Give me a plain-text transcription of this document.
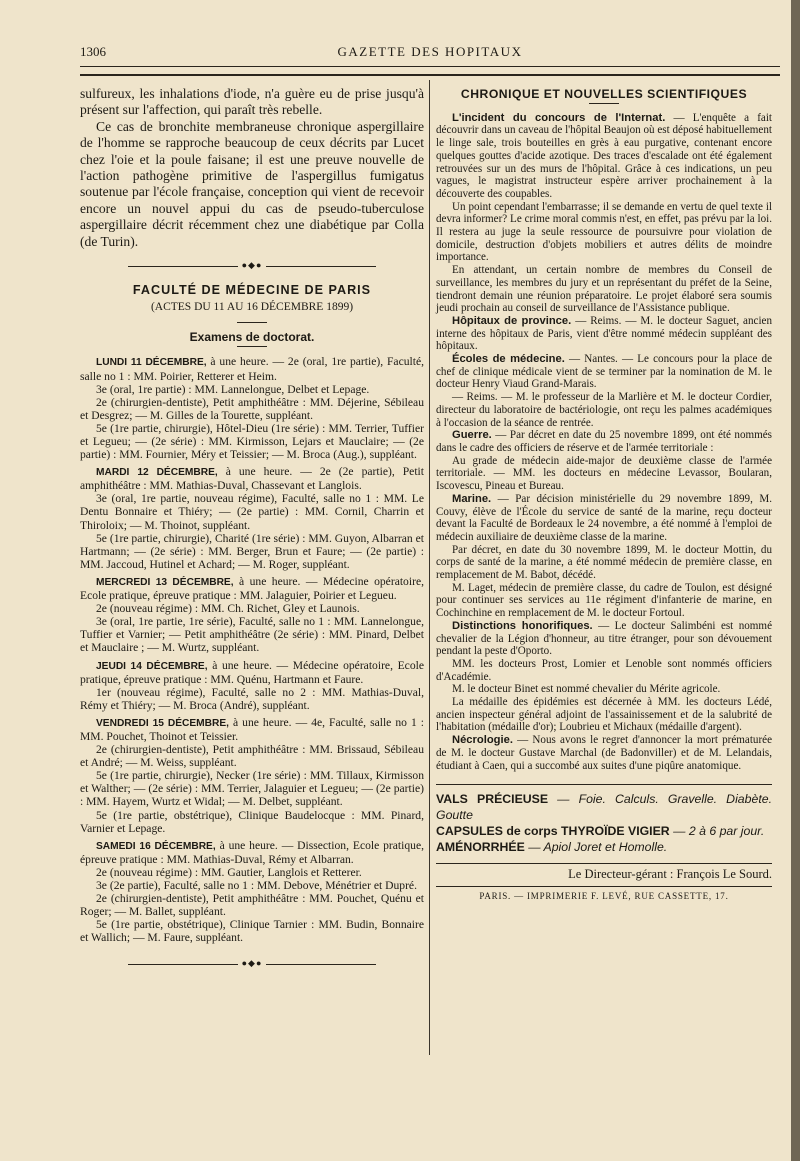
1306	GAZETTE DES HOPITAUX

sulfureux, les inhalations d'iode, n'a guère eu de prise jusqu'à présent sur l'affection, qui paraît très rebelle.

Ce cas de bronchite membraneuse chronique aspergillaire de l'homme se rapproche beaucoup de ceux décrits par Lucet chez l'oie et la poule faisane; il est une preuve nouvelle de l'action pathogène primitive de l'aspergillus fumigatus soutenue par l'école française, conception qui vient de recevoir encore un nouvel appui du cas de pseudo-tuberculose aspergillaire décrit récemment chez une diabétique par Colla (de Turin).

●◆●
FACULTÉ DE MÉDECINE DE PARIS
(ACTES DU 11 AU 16 DÉCEMBRE 1899)
Examens de doctorat.

LUNDI 11 DÉCEMBRE, à une heure. — 2e (oral, 1re partie), Faculté, salle no 1 : MM. Poirier, Retterer et Heim.

3e (oral, 1re partie) : MM. Lannelongue, Delbet et Lepage.

2e (chirurgien-dentiste), Petit amphithéâtre : MM. Déjerine, Sébileau et Desgrez; — M. Gilles de la Tourette, suppléant.

5e (1re partie, chirurgie), Hôtel-Dieu (1re série) : MM. Terrier, Tuffier et Legueu; — (2e série) : MM. Kirmisson, Lejars et Mauclaire; — (2e partie) : MM. Fournier, Méry et Teissier; — M. Broca (Aug.), suppléant.

MARDI 12 DÉCEMBRE, à une heure. — 2e (2e partie), Petit amphithéâtre : MM. Mathias-Duval, Chassevant et Langlois.

3e (oral, 1re partie, nouveau régime), Faculté, salle no 1 : MM. Le Dentu Bonnaire et Thiéry; — (2e partie) : MM. Cornil, Charrin et Thiroloix; — M. Thoinot, suppléant.

5e (1re partie, chirurgie), Charité (1re série) : MM. Guyon, Albarran et Hartmann; — (2e série) : MM. Berger, Brun et Faure; — (2e partie) : MM. Jaccoud, Hutinel et Achard; — M. Roger, suppléant.

MERCREDI 13 DÉCEMBRE, à une heure. — Médecine opératoire, Ecole pratique, épreuve pratique : MM. Jalaguier, Poirier et Legueu.

2e (nouveau régime) : MM. Ch. Richet, Gley et Launois.

3e (oral, 1re partie, 1re série), Faculté, salle no 1 : MM. Lannelongue, Tuffier et Varnier; — Petit amphithéâtre (2e série) : MM. Pinard, Delbet et Mauclaire ; — M. Wurtz, suppléant.

JEUDI 14 DÉCEMBRE, à une heure. — Médecine opératoire, Ecole pratique, épreuve pratique : MM. Quénu, Hartmann et Faure.

1er (nouveau régime), Faculté, salle no 2 : MM. Mathias-Duval, Rémy et Thiéry; — M. Broca (André), suppléant.

VENDREDI 15 DÉCEMBRE, à une heure. — 4e, Faculté, salle no 1 : MM. Pouchet, Thoinot et Teissier.

2e (chirurgien-dentiste), Petit amphithéâtre : MM. Brissaud, Sébileau et André; — M. Weiss, suppléant.

5e (1re partie, chirurgie), Necker (1re série) : MM. Tillaux, Kirmisson et Walther; — (2e série) : MM. Terrier, Jalaguier et Legueu; — (2e partie) : MM. Hayem, Wurtz et Widal; — M. Delbet, suppléant.

5e (1re partie, obstétrique), Clinique Baudelocque : MM. Pinard, Varnier et Lepage.

SAMEDI 16 DÉCEMBRE, à une heure. — Dissection, Ecole pratique, épreuve pratique : MM. Mathias-Duval, Rémy et Albarran.

2e (nouveau régime) : MM. Gautier, Langlois et Retterer.

3e (2e partie), Faculté, salle no 1 : MM. Debove, Ménétrier et Dupré.

2e (chirurgien-dentiste), Petit amphithéâtre : MM. Pouchet, Quénu et Roger; — M. Ballet, suppléant.

5e (1re partie, obstétrique), Clinique Tarnier : MM. Budin, Bonnaire et Wallich; — M. Faure, suppléant.

●◆●
CHRONIQUE ET NOUVELLES SCIENTIFIQUES

L'incident du concours de l'Internat. — L'enquête a fait découvrir dans un caveau de l'hôpital Beaujon où est déposé habituellement le linge sale, trois bouteilles en grès à eau purgative, contenant encore quelques gouttes d'acide azotique. Des traces d'escalade ont été également retrouvées sur un des murs de l'hôpital. Grâce à ces indications, un peu vagues, le magistrat instructeur espère arriver prochainement à la découverte des coupables.

Un point cependant l'embarrasse; il se demande en vertu de quel texte il devra informer? Le crime moral commis n'est, en effet, pas prévu par la loi. Il restera au juge la seule ressource de poursuivre pour violation de domicile, destruction d'objets mobiliers et autres délits de moindre importance.

En attendant, un certain nombre de membres du Conseil de surveillance, les membres du jury et un représentant du préfet de la Seine, tiendront demain une réunion préparatoire. Le projet élaboré sera soumis jeudi prochain au conseil de surveillance de l'Assistance publique.

Hôpitaux de province. — Reims. — M. le docteur Saguet, ancien interne des hôpitaux de Paris, vient d'être nommé médecin suppléant des hôpitaux.

Écoles de médecine. — Nantes. — Le concours pour la place de chef de clinique médicale vient de se terminer par la nomination de M. le docteur Henry Viaud Grand-Marais.

— Reims. — M. le professeur de la Marlière et M. le docteur Cordier, directeur du laboratoire de bactériologie, ont reçu les palmes académiques à l'occasion de la séance de rentrée.

Guerre. — Par décret en date du 25 novembre 1899, ont été nommés dans le cadre des officiers de réserve et de l'armée territoriale :

Au grade de médecin aide-major de deuxième classe de l'armée territoriale. — MM. les docteurs en médecine Levassor, Boularan, Iscovescu, Pineau et Bureau.

Marine. — Par décision ministérielle du 29 novembre 1899, M. Couvy, élève de l'École du service de santé de la marine, reçu docteur devant la Faculté de Bordeaux le 24 novembre, a été nommé à l'emploi de médecin auxiliaire de deuxième classe de la marine.

Par décret, en date du 30 novembre 1899, M. le docteur Mottin, du corps de santé de la marine, a été nommé médecin de première classe, en remplacement de M. Babot, décédé.

M. Laget, médecin de première classe, du cadre de Toulon, est désigné pour continuer ses services au 11e régiment d'infanterie de marine, en Cochinchine en remplacement de M. le docteur Fortoul.

Distinctions honorifiques. — Le docteur Salimbéni est nommé chevalier de la Légion d'honneur, au titre étranger, pour son dévouement pendant la peste d'Oporto.

MM. les docteurs Prost, Lomier et Lenoble sont nommés officiers d'Académie.

M. le docteur Binet est nommé chevalier du Mérite agricole.

La médaille des épidémies est décernée à MM. les docteurs Lédé, ancien inspecteur général adjoint de l'assainissement et de la salubrité de l'habitation (médaille d'or); Loubrieu et Michaux (médaille d'argent).

Nécrologie. — Nous avons le regret d'annoncer la mort prématurée de M. le docteur Gustave Marchal (de Badonviller) et de M. Lelandais, étudiant à Caen, qui a succombé aux suites d'une piqûre anatomique.

VALS PRÉCIEUSE — Foie. Calculs. Gravelle. Diabète. Goutte
CAPSULES de corps THYROÏDE VIGIER — 2 à 6 par jour.
AMÉNORRHÉE — Apiol Joret et Homolle.
Le Directeur-gérant : François Le Sourd.
PARIS. — IMPRIMERIE F. LEVÉ, RUE CASSETTE, 17.
